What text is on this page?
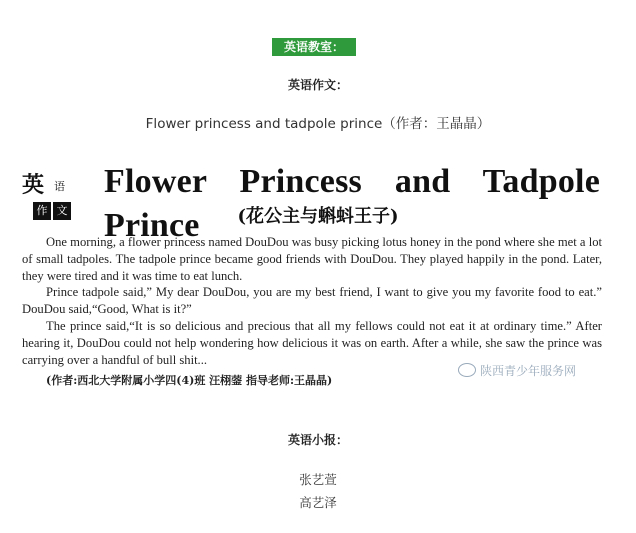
英语教室：
英语作文：
Flower princess and tadpole prince（作者：王晶晶）
英 语
作 文
Flower Princess and Tadpole Prince	(花公主与蝌蚪王子)

One morning, a flower princess named DouDou was busy picking lotus honey in the pond where she met a lot of small tadpoles. The tadpole prince became good friends with DouDou. They played happily in the pond. Later, they were tired and it was time to eat lunch.

Prince tadpole said,” My dear DouDou, you are my best friend, I want to give you my favorite food to eat.” DouDou said,“Good, What is it?”

The prince said,“It is so delicious and precious that all my fellows could not eat it at ordinary time.” After hearing it, DouDou could not help wondering how delicious it was on earth. After a while, she saw the prince was carrying over a handful of bull shit...

(作者:西北大学附属小学四(4)班 汪栩蓥 指导老师:王晶晶)
陕西青少年服务网
英语小报：
张艺萱
高艺泽
